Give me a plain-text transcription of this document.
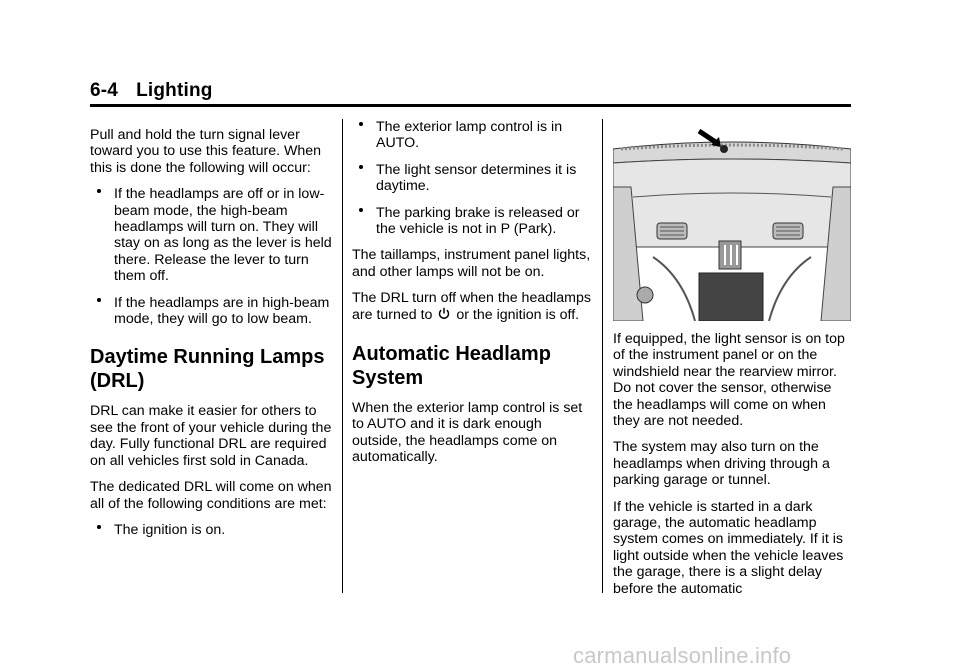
6-4 Lighting

Pull and hold the turn signal lever toward you to use this feature. When this is done the following will occur:

If the headlamps are off or in low-beam mode, the high-beam headlamps will turn on. They will stay on as long as the lever is held there. Release the lever to turn them off.
If the headlamps are in high-beam mode, they will go to low beam.
Daytime Running Lamps (DRL)

DRL can make it easier for others to see the front of your vehicle during the day. Fully functional DRL are required on all vehicles first sold in Canada.

The dedicated DRL will come on when all of the following conditions are met:

The ignition is on.
The exterior lamp control is in AUTO.
The light sensor determines it is daytime.
The parking brake is released or the vehicle is not in P (Park).

The taillamps, instrument panel lights, and other lamps will not be on.

The DRL turn off when the headlamps are turned to or the ignition is off.

Automatic Headlamp System

When the exterior lamp control is set to AUTO and it is dark enough outside, the headlamps come on automatically.

If equipped, the light sensor is on top of the instrument panel or on the windshield near the rearview mirror. Do not cover the sensor, otherwise the headlamps will come on when they are not needed.

The system may also turn on the headlamps when driving through a parking garage or tunnel.

If the vehicle is started in a dark garage, the automatic headlamp system comes on immediately. If it is light outside when the vehicle leaves the garage, there is a slight delay before the automatic

carmanualsonline.info
